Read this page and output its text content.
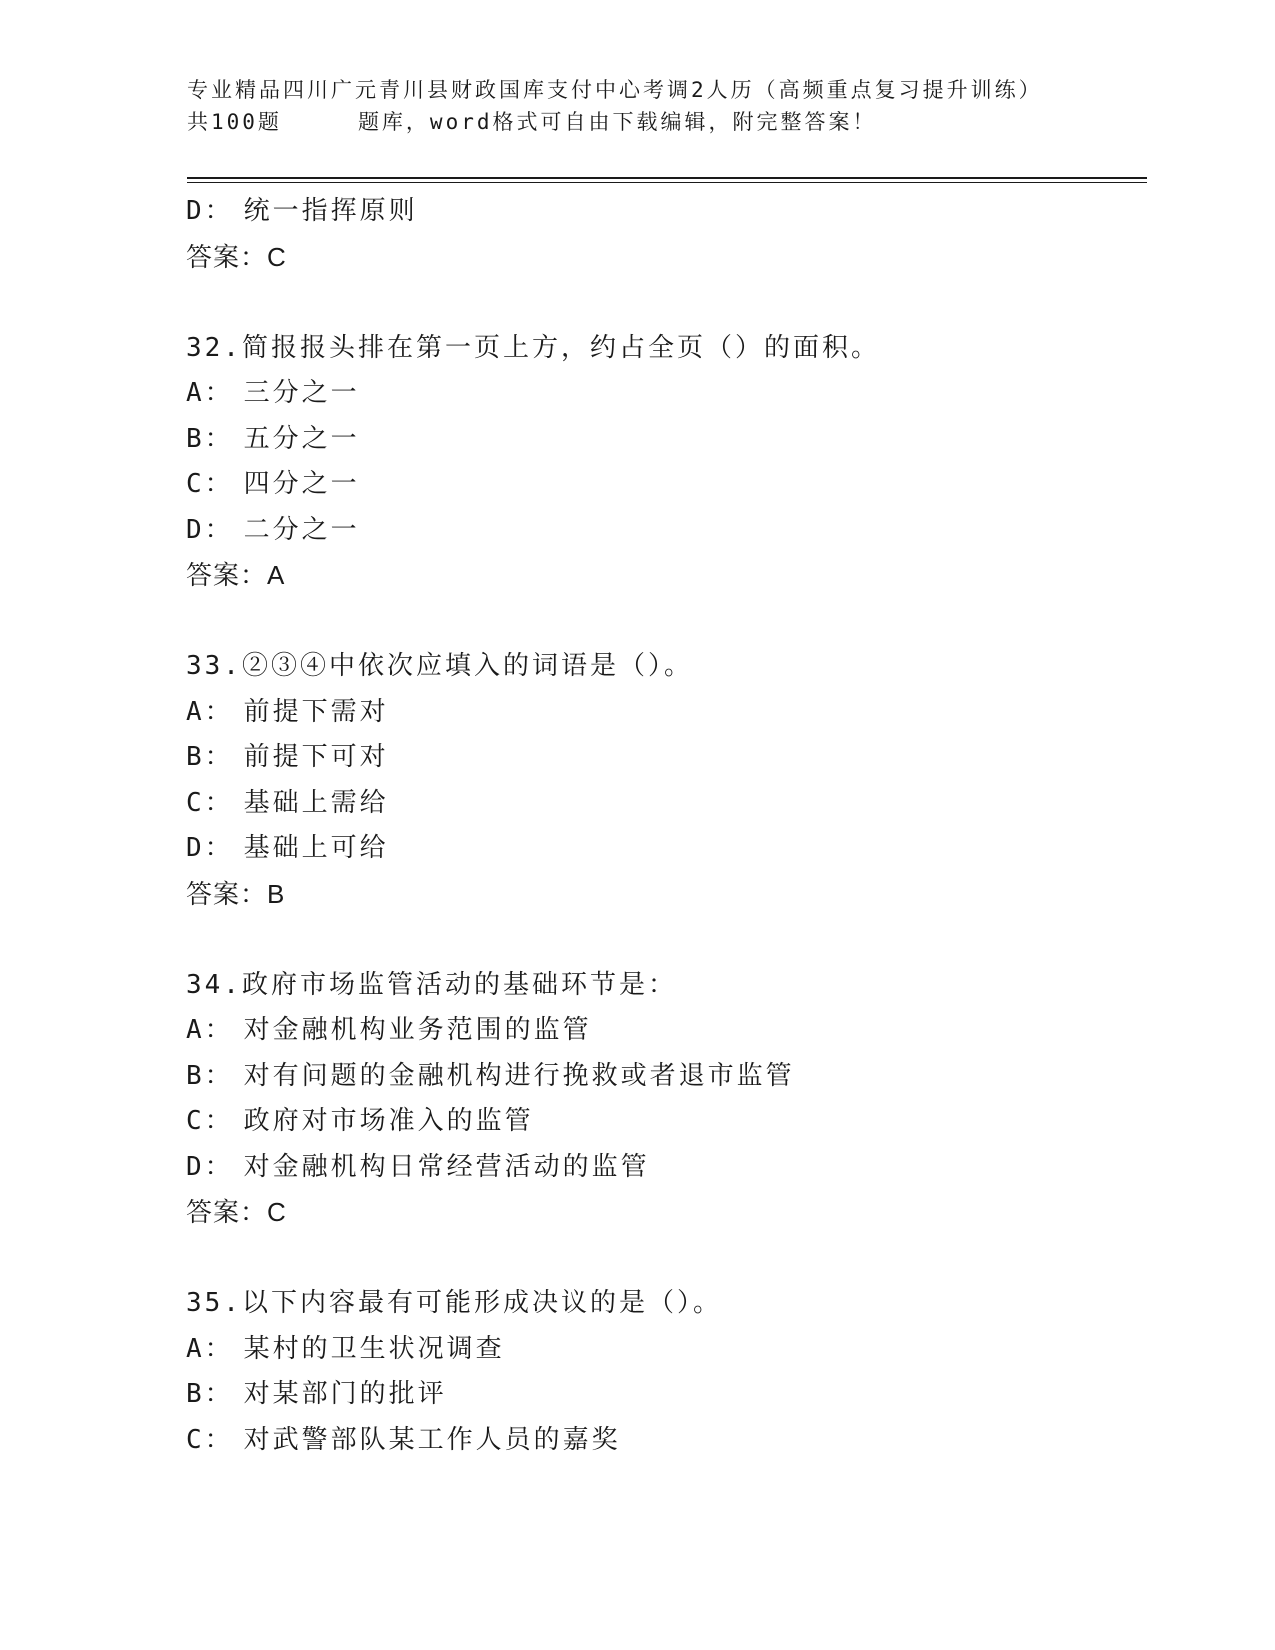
专业精品四川广元青川县财政国库支付中心考调2人历（高频重点复习提升训练）
共100题	题库，word格式可自由下载编辑，附完整答案！
D： 统一指挥原则
答案：C
32.简报报头排在第一页上方，约占全页（）的面积。
A： 三分之一
B： 五分之一
C： 四分之一
D： 二分之一
答案：A
33.②③④中依次应填入的词语是（）。
A： 前提下需对
B： 前提下可对
C： 基础上需给
D： 基础上可给
答案：B
34.政府市场监管活动的基础环节是：
A： 对金融机构业务范围的监管
B： 对有问题的金融机构进行挽救或者退市监管
C： 政府对市场准入的监管
D： 对金融机构日常经营活动的监管
答案：C
35.以下内容最有可能形成决议的是（）。
A： 某村的卫生状况调查
B： 对某部门的批评
C： 对武警部队某工作人员的嘉奖
